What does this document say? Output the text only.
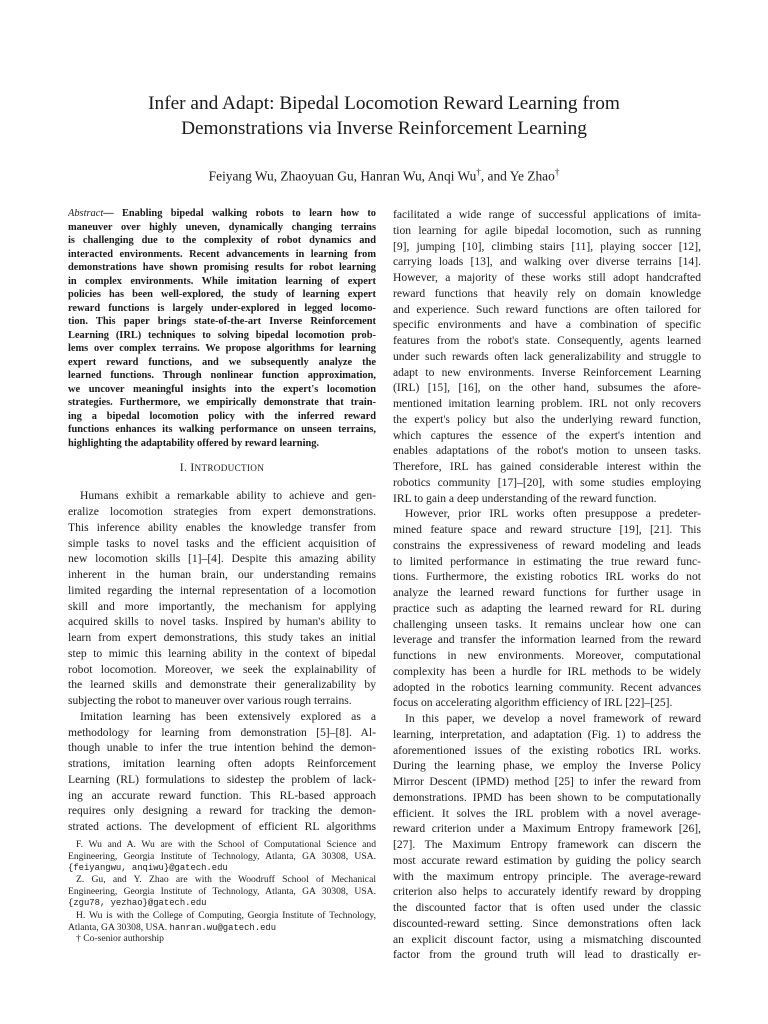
Infer and Adapt: Bipedal Locomotion Reward Learning from
Demonstrations via Inverse Reinforcement Learning
Feiyang Wu, Zhaoyuan Gu, Hanran Wu, Anqi Wu†, and Ye Zhao†
Abstract— Enabling bipedal walking robots to learn how to
maneuver over highly uneven, dynamically changing terrains
is challenging due to the complexity of robot dynamics and
interacted environments. Recent advancements in learning from
demonstrations have shown promising results for robot learning
in complex environments. While imitation learning of expert
policies has been well-explored, the study of learning expert
reward functions is largely under-explored in legged locomo-
tion. This paper brings state-of-the-art Inverse Reinforcement
Learning (IRL) techniques to solving bipedal locomotion prob-
lems over complex terrains. We propose algorithms for learning
expert reward functions, and we subsequently analyze the
learned functions. Through nonlinear function approximation,
we uncover meaningful insights into the expert's locomotion
strategies. Furthermore, we empirically demonstrate that train-
ing a bipedal locomotion policy with the inferred reward
functions enhances its walking performance on unseen terrains,
highlighting the adaptability offered by reward learning.
I. INTRODUCTION
Humans exhibit a remarkable ability to achieve and gen-
eralize locomotion strategies from expert demonstrations.
This inference ability enables the knowledge transfer from
simple tasks to novel tasks and the efficient acquisition of
new locomotion skills [1]–[4]. Despite this amazing ability
inherent in the human brain, our understanding remains
limited regarding the internal representation of a locomotion
skill and more importantly, the mechanism for applying
acquired skills to novel tasks. Inspired by human's ability to
learn from expert demonstrations, this study takes an initial
step to mimic this learning ability in the context of bipedal
robot locomotion. Moreover, we seek the explainability of
the learned skills and demonstrate their generalizability by
subjecting the robot to maneuver over various rough terrains.
Imitation learning has been extensively explored as a
methodology for learning from demonstration [5]–[8]. Al-
though unable to infer the true intention behind the demon-
strations, imitation learning often adopts Reinforcement
Learning (RL) formulations to sidestep the problem of lack-
ing an accurate reward function. This RL-based approach
requires only designing a reward for tracking the demon-
strated actions. The development of efficient RL algorithms
facilitated a wide range of successful applications of imita-
tion learning for agile bipedal locomotion, such as running
[9], jumping [10], climbing stairs [11], playing soccer [12],
carrying loads [13], and walking over diverse terrains [14].
However, a majority of these works still adopt handcrafted
reward functions that heavily rely on domain knowledge
and experience. Such reward functions are often tailored for
specific environments and have a combination of specific
features from the robot's state. Consequently, agents learned
under such rewards often lack generalizability and struggle to
adapt to new environments. Inverse Reinforcement Learning
(IRL) [15], [16], on the other hand, subsumes the afore-
mentioned imitation learning problem. IRL not only recovers
the expert's policy but also the underlying reward function,
which captures the essence of the expert's intention and
enables adaptations of the robot's motion to unseen tasks.
Therefore, IRL has gained considerable interest within the
robotics community [17]–[20], with some studies employing
IRL to gain a deep understanding of the reward function.
However, prior IRL works often presuppose a predeter-
mined feature space and reward structure [19], [21]. This
constrains the expressiveness of reward modeling and leads
to limited performance in estimating the true reward func-
tions. Furthermore, the existing robotics IRL works do not
analyze the learned reward functions for further usage in
practice such as adapting the learned reward for RL during
challenging unseen tasks. It remains unclear how one can
leverage and transfer the information learned from the reward
functions in new environments. Moreover, computational
complexity has been a hurdle for IRL methods to be widely
adopted in the robotics learning community. Recent advances
focus on accelerating algorithm efficiency of IRL [22]–[25].
In this paper, we develop a novel framework of reward
learning, interpretation, and adaptation (Fig. 1) to address the
aforementioned issues of the existing robotics IRL works.
During the learning phase, we employ the Inverse Policy
Mirror Descent (IPMD) method [25] to infer the reward from
demonstrations. IPMD has been shown to be computationally
efficient. It solves the IRL problem with a novel average-
reward criterion under a Maximum Entropy framework [26],
[27]. The Maximum Entropy framework can discern the
most accurate reward estimation by guiding the policy search
with the maximum entropy principle. The average-reward
criterion also helps to accurately identify reward by dropping
the discounted factor that is often used under the classic
discounted-reward setting. Since demonstrations often lack
an explicit discount factor, using a mismatching discounted
factor from the ground truth will lead to drastically er-
F. Wu and A. Wu are with the School of Computational Science and
Engineering, Georgia Institute of Technology, Atlanta, GA 30308, USA.
{feiyangwu, anqiwu}@gatech.edu
Z. Gu, and Y. Zhao are with the Woodruff School of Mechanical
Engineering, Georgia Institute of Technology, Atlanta, GA 30308, USA.
{zgu78, yezhao}@gatech.edu
H. Wu is with the College of Computing, Georgia Institute of Technology,
Atlanta, GA 30308, USA. hanran.wu@gatech.edu
† Co-senior authorship
